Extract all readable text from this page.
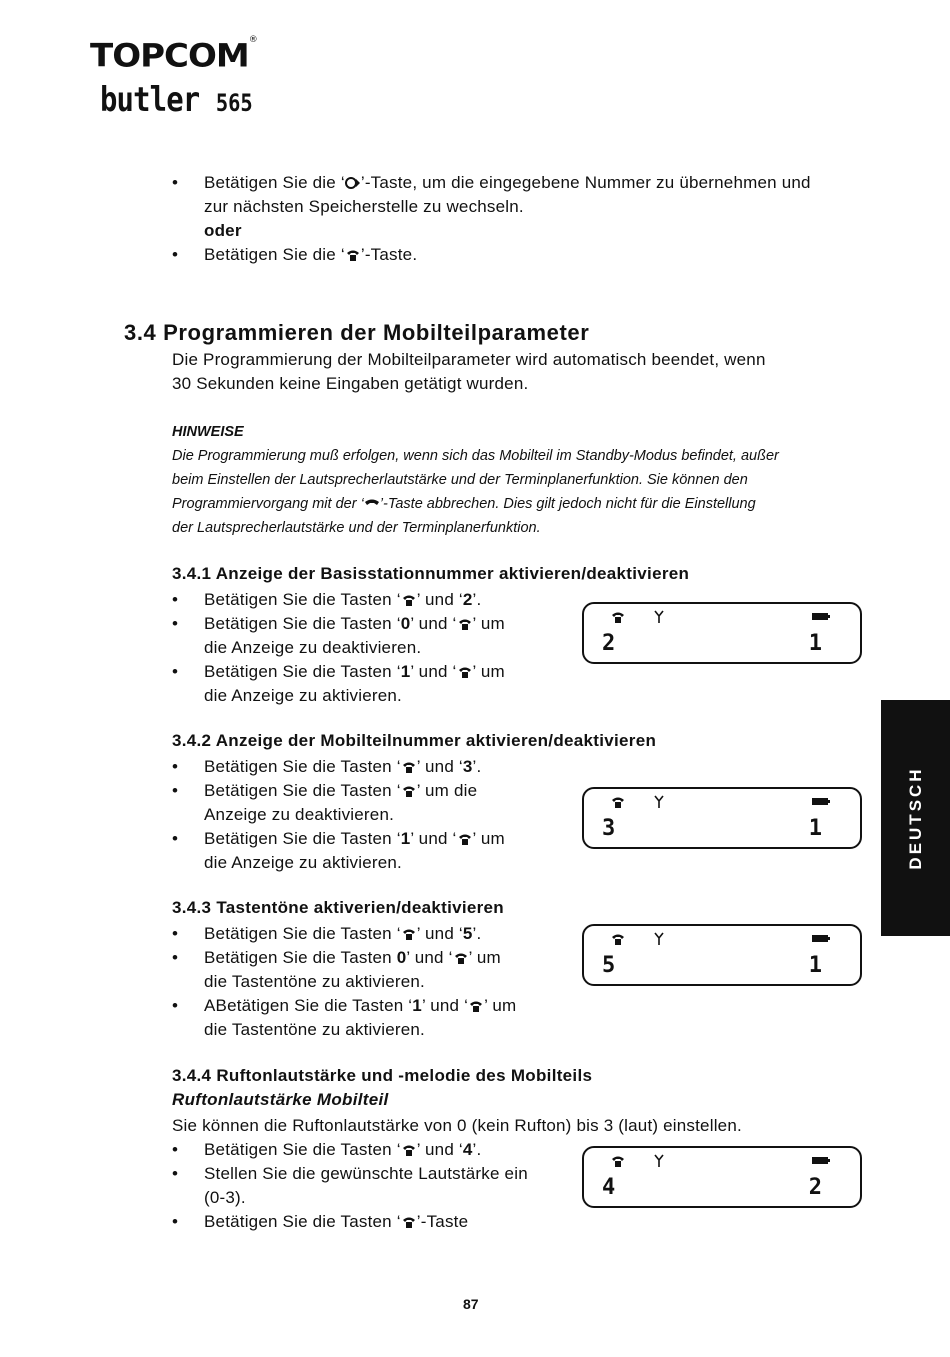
TOPCOM®
butler 565
• Betätigen Sie die ‘ ’-Taste, um die eingegebene Nummer zu übernehmen und
zur nächsten Speicherstelle zu wechseln.
oder
• Betätigen Sie die ‘ ’-Taste.
3.4 Programmieren der Mobilteilparameter
Die Programmierung der Mobilteilparameter wird automatisch beendet, wenn
30 Sekunden keine Eingaben getätigt wurden.
HINWEISE
Die Programmierung muß erfolgen, wenn sich das Mobilteil im Standby-Modus befindet, außer
beim Einstellen der Lautsprecherlautstärke und der Terminplanerfunktion. Sie können den
Programmiervorgang mit der ‘ ’-Taste abbrechen. Dies gilt jedoch nicht für die Einstellung
der Lautsprecherlautstärke und der Terminplanerfunktion.
3.4.1 Anzeige der Basisstationnummer aktivieren/deaktivieren
• Betätigen Sie die Tasten ‘ ’ und ‘2’.
• Betätigen Sie die Tasten ‘0’ und ‘ ’ um
die Anzeige zu deaktivieren.
• Betätigen Sie die Tasten ‘1’ und ‘ ’ um
die Anzeige zu aktivieren.
2	1
3.4.2 Anzeige der Mobilteilnummer aktivieren/deaktivieren
• Betätigen Sie die Tasten ‘ ’ und ‘3’.
• Betätigen Sie die Tasten ‘ ’ um die
Anzeige zu deaktivieren.
• Betätigen Sie die Tasten ‘1’ und ‘ ’ um
die Anzeige zu aktivieren.
3	1
3.4.3 Tastentöne aktiverien/deaktivieren
• Betätigen Sie die Tasten ‘ ’ und ‘5’.
• Betätigen Sie die Tasten 0’ und ‘ ’ um
die Tastentöne zu aktivieren.
• ABetätigen Sie die Tasten ‘1’ und ‘ ’ um
die Tastentöne zu aktivieren.
5	1
3.4.4 Ruftonlautstärke und -melodie des Mobilteils
Ruftonlautstärke Mobilteil
Sie können die Ruftonlautstärke von 0 (kein Rufton) bis 3 (laut) einstellen.
• Betätigen Sie die Tasten ‘ ’ und ‘4’.
• Stellen Sie die gewünschte Lautstärke ein
(0-3).
• Betätigen Sie die Tasten ‘ ’-Taste
4	2
DEUTSCH
87
